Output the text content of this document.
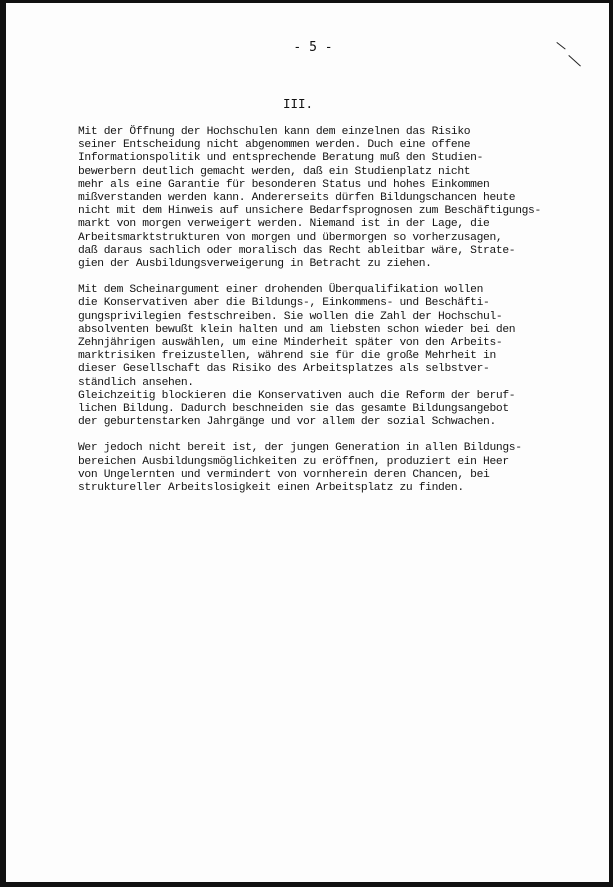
- 5 -
III.
Mit der Öffnung der Hochschulen kann dem einzelnen das Risiko
seiner Entscheidung nicht abgenommen werden. Duch eine offene
Informationspolitik und entsprechende Beratung muß den Studien-
bewerbern deutlich gemacht werden, daß ein Studienplatz nicht
mehr als eine Garantie für besonderen Status und hohes Einkommen
mißverstanden werden kann. Andererseits dürfen Bildungschancen heute
nicht mit dem Hinweis auf unsichere Bedarfsprognosen zum Beschäftigungs-
markt von morgen verweigert werden. Niemand ist in der Lage, die
Arbeitsmarktstrukturen von morgen und übermorgen so vorherzusagen,
daß daraus sachlich oder moralisch das Recht ableitbar wäre, Strate-
gien der Ausbildungsverweigerung in Betracht zu ziehen.
Mit dem Scheinargument einer drohenden Überqualifikation wollen
die Konservativen aber die Bildungs-, Einkommens- und Beschäfti-
gungsprivilegien festschreiben. Sie wollen die Zahl der Hochschul-
absolventen bewußt klein halten und am liebsten schon wieder bei den
Zehnjährigen auswählen, um eine Minderheit später von den Arbeits-
marktrisiken freizustellen, während sie für die große Mehrheit in
dieser Gesellschaft das Risiko des Arbeitsplatzes als selbstver-
ständlich ansehen.
Gleichzeitig blockieren die Konservativen auch die Reform der beruf-
lichen Bildung. Dadurch beschneiden sie das gesamte Bildungsangebot
der geburtenstarken Jahrgänge und vor allem der sozial Schwachen.
Wer jedoch nicht bereit ist, der jungen Generation in allen Bildungs-
bereichen Ausbildungsmöglichkeiten zu eröffnen, produziert ein Heer
von Ungelernten und vermindert von vornherein deren Chancen, bei
struktureller Arbeitslosigkeit einen Arbeitsplatz zu finden.
